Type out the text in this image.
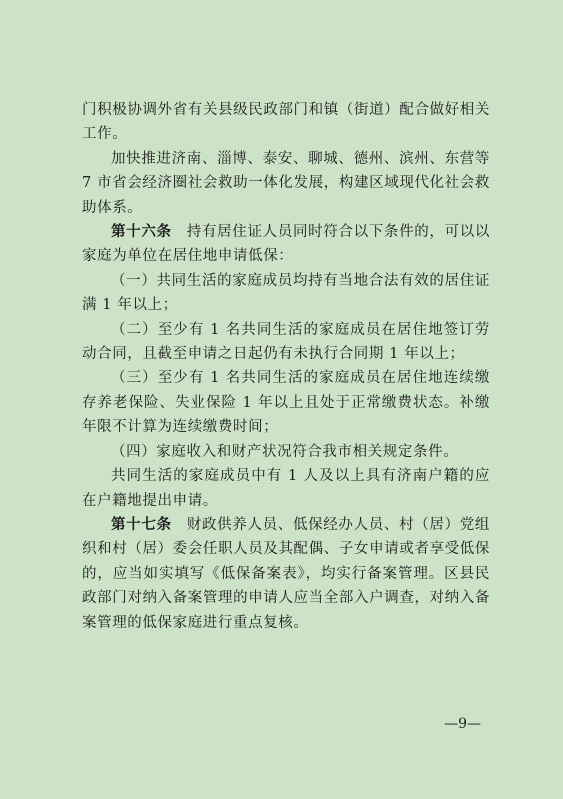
门积极协调外省有关县级民政部门和镇（街道）配合做好相关工作。

加快推进济南、淄博、泰安、聊城、德州、滨州、东营等 7 市省会经济圈社会救助一体化发展，构建区域现代化社会救助体系。

第十六条　持有居住证人员同时符合以下条件的，可以以家庭为单位在居住地申请低保：

（一）共同生活的家庭成员均持有当地合法有效的居住证满 1 年以上；

（二）至少有 1 名共同生活的家庭成员在居住地签订劳动合同，且截至申请之日起仍有未执行合同期 1 年以上；

（三）至少有 1 名共同生活的家庭成员在居住地连续缴存养老保险、失业保险 1 年以上且处于正常缴费状态。补缴年限不计算为连续缴费时间；

（四）家庭收入和财产状况符合我市相关规定条件。

共同生活的家庭成员中有 1 人及以上具有济南户籍的应在户籍地提出申请。

第十七条　财政供养人员、低保经办人员、村（居）党组织和村（居）委会任职人员及其配偶、子女申请或者享受低保的，应当如实填写《低保备案表》，均实行备案管理。区县民政部门对纳入备案管理的申请人应当全部入户调查，对纳入备案管理的低保家庭进行重点复核。

—9—
